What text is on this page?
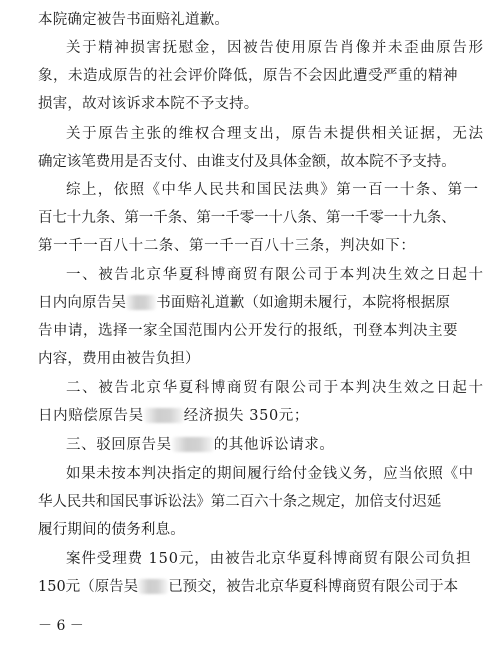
本院确定被告书面赔礼道歉。
关于精神损害抚慰金，因被告使用原告肖像并未歪曲原告形
象，未造成原告的社会评价降低，原告不会因此遭受严重的精神
损害，故对该诉求本院不予支持。
关于原告主张的维权合理支出，原告未提供相关证据，无法
确定该笔费用是否支付、由谁支付及具体金额，故本院不予支持。
综上，依照《中华人民共和国民法典》第一百一十条、第一
百七十九条、第一千条、第一千零一十八条、第一千零一十九条、
第一千一百八十二条、第一千一百八十三条，判决如下：
一、被告北京华夏科博商贸有限公司于本判决生效之日起十
日内向原告吴 书面赔礼道歉（如逾期未履行，本院将根据原
告申请，选择一家全国范围内公开发行的报纸，刊登本判决主要
内容，费用由被告负担）
二、被告北京华夏科博商贸有限公司于本判决生效之日起十
日内赔偿原告吴	经济损失 350元；
三、驳回原告吴	的其他诉讼请求。
如果未按本判决指定的期间履行给付金钱义务，应当依照《中
华人民共和国民事诉讼法》第二百六十条之规定，加倍支付迟延
履行期间的债务利息。
案件受理费 150元，由被告北京华夏科博商贸有限公司负担
150元（原告吴 已预交，被告北京华夏科博商贸有限公司于本
－ 6 －
